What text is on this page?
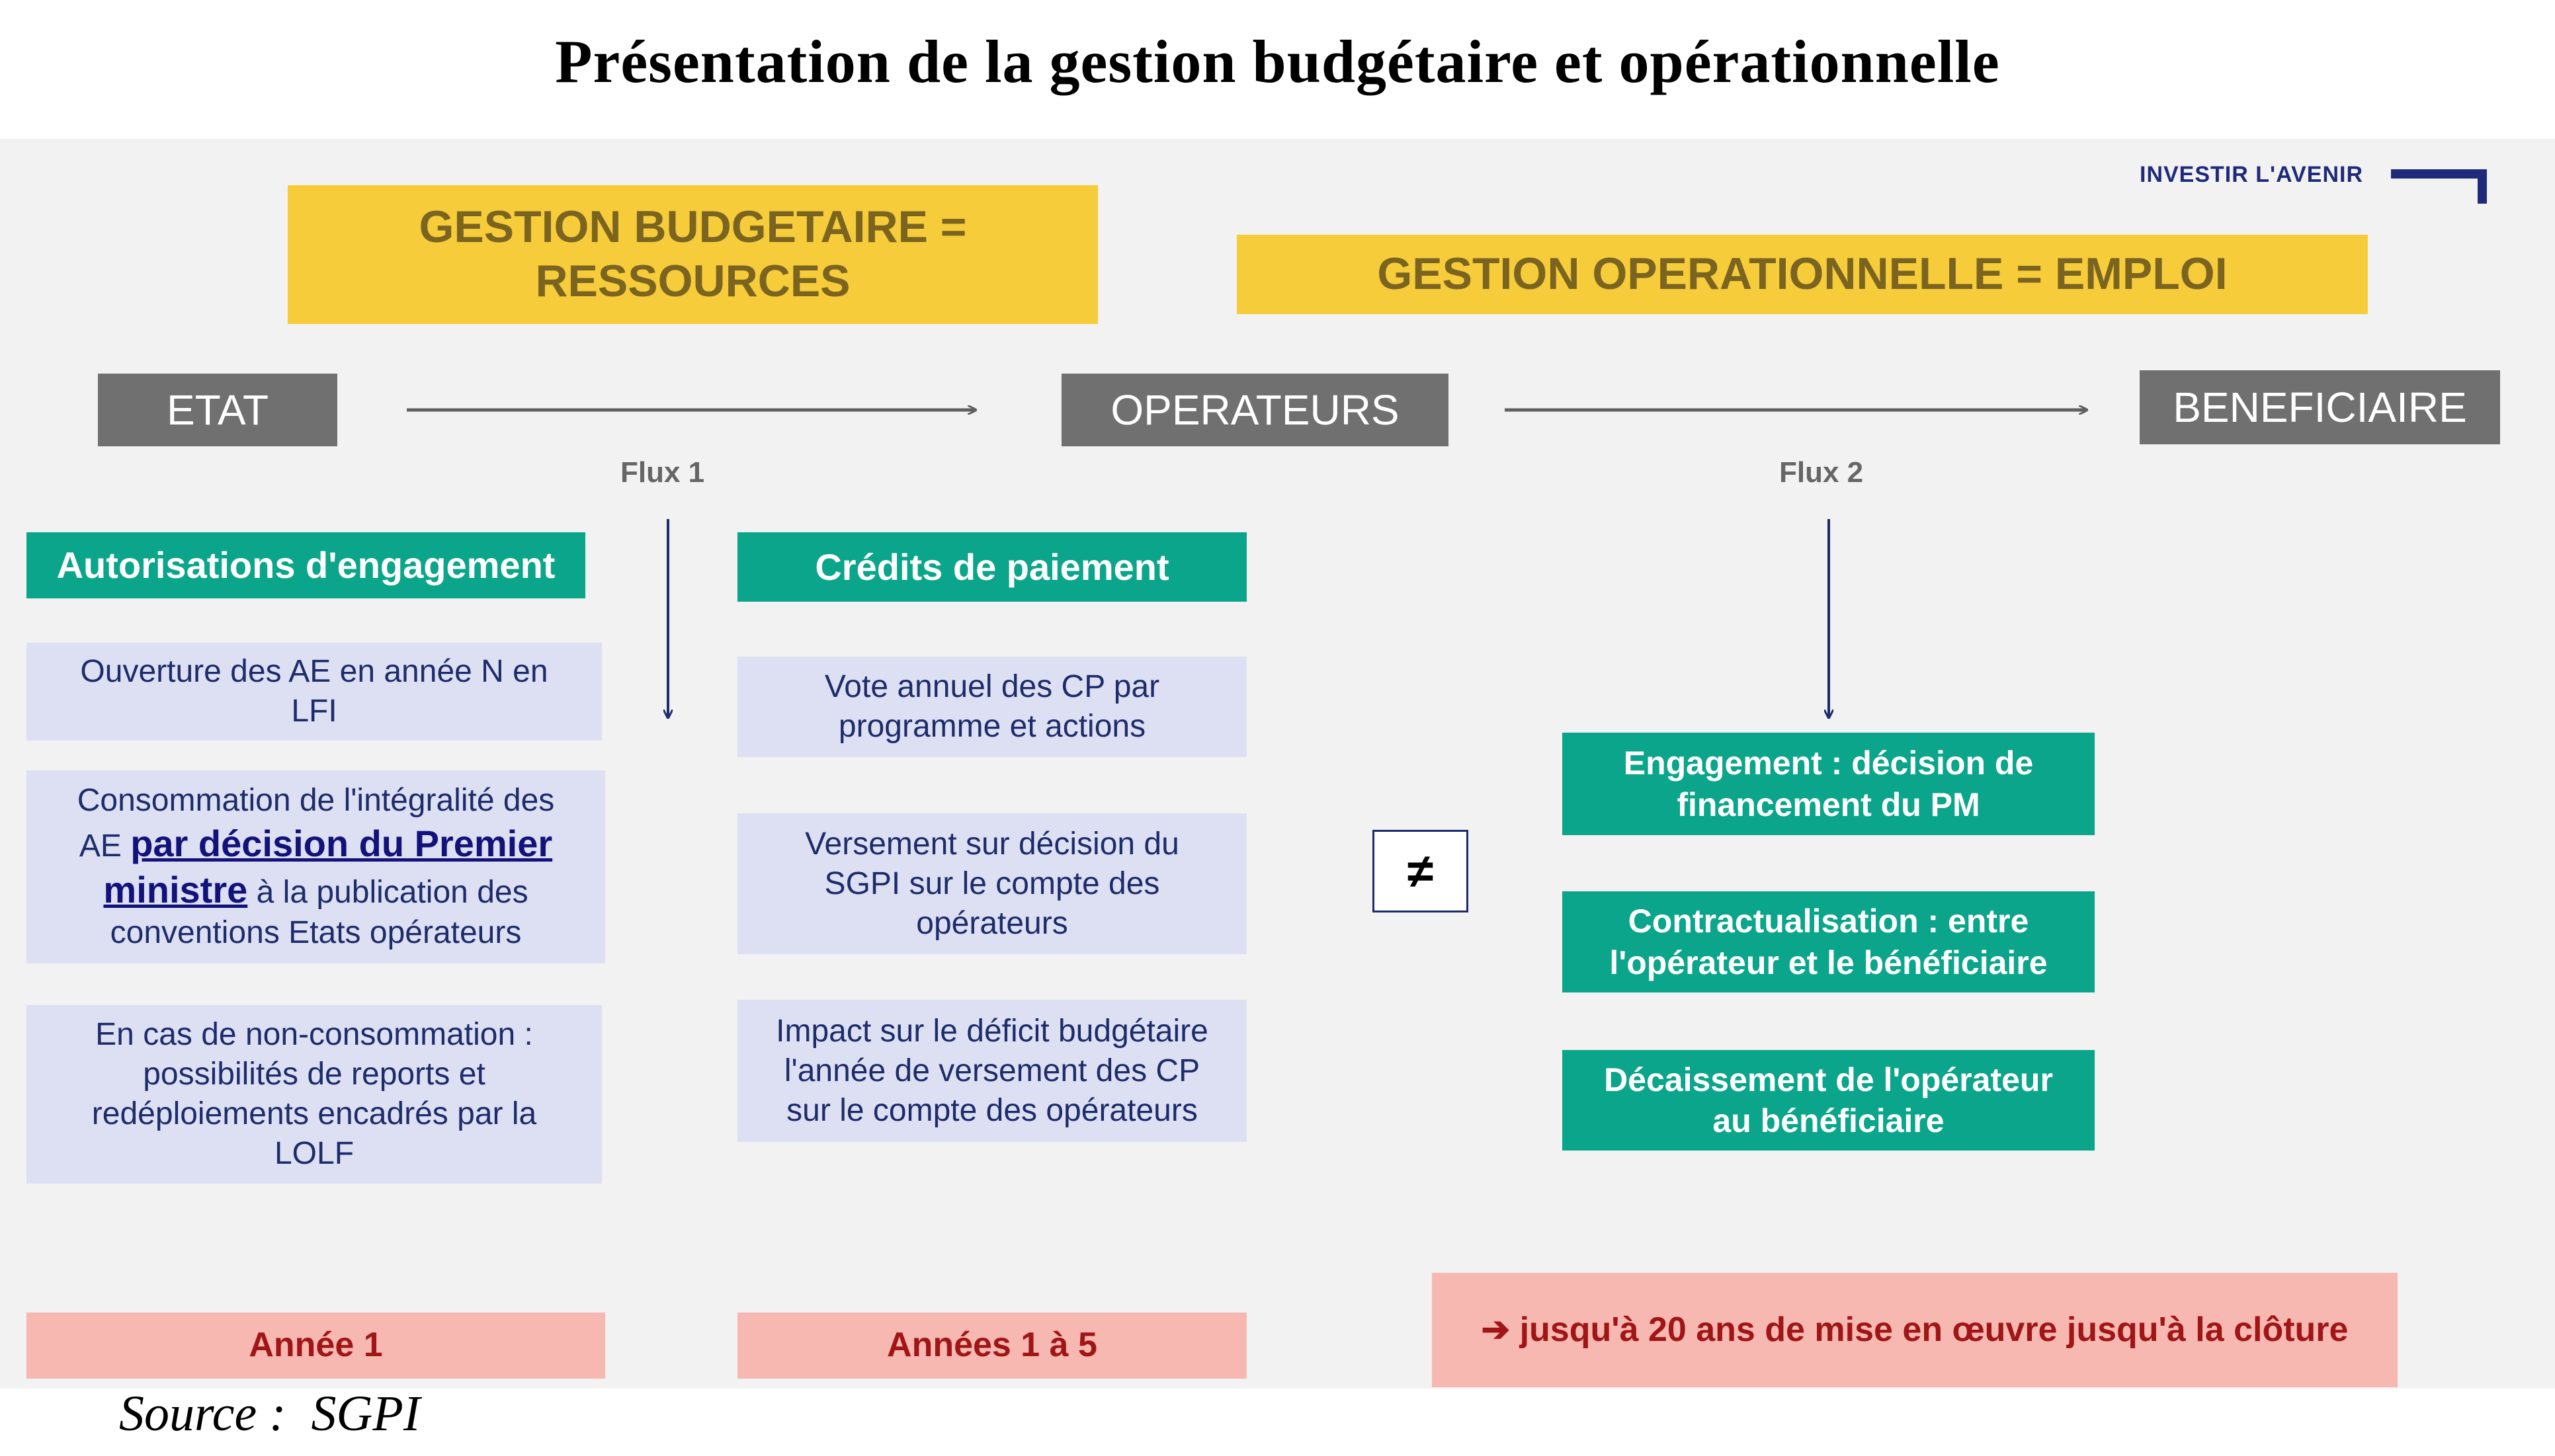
Présentation de la gestion budgétaire et opérationnelle
INVESTIR L'AVENIR
GESTION BUDGETAIRE =
RESSOURCES	GESTION OPERATIONNELLE = EMPLOI
ETAT	OPERATEURS	BENEFICIAIRE
Flux 1	Flux 2
Autorisations d'engagement
Ouverture des AE en année N en LFI
Consommation de l'intégralité des AE par décision du Premier ministre à la publication des conventions Etats opérateurs
En cas de non-consommation : possibilités de reports et redéploiements encadrés par la LOLF
Année 1
Crédits de paiement
Vote annuel des CP par programme et actions
Versement sur décision du SGPI sur le compte des opérateurs
Impact sur le déficit budgétaire l'année de versement des CP sur le compte des opérateurs
Années 1 à 5
≠
Engagement : décision de financement du PM
Contractualisation : entre l'opérateur et le bénéficiaire
Décaissement de l'opérateur au bénéficiaire
➔ jusqu'à 20 ans de mise en œuvre jusqu'à la clôture
Source :  SGPI
